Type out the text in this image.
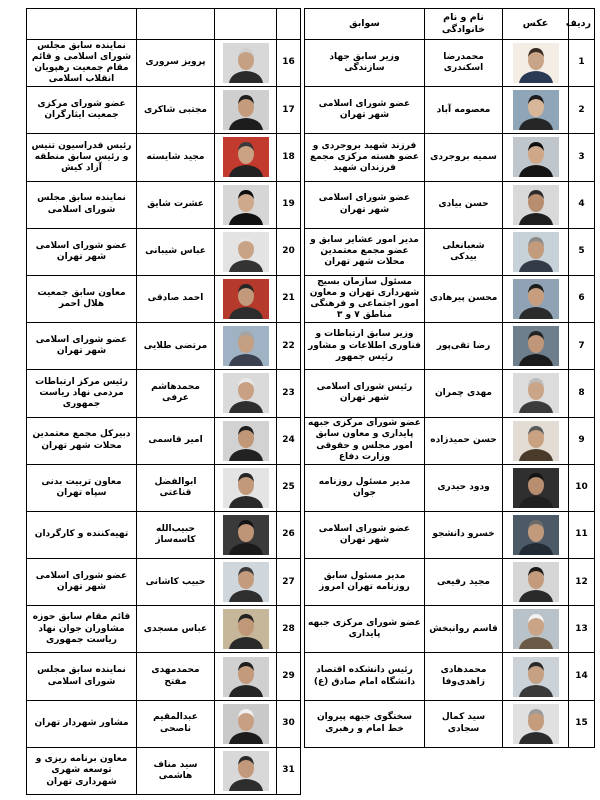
ردیف	عکس	نام و نام خانوادگی	سوابق
1		محمدرضا اسکندری	وزیر سابق جهاد سازندگی
2		معصومه آباد	عضو شورای اسلامی شهر تهران
3		سمیه بروجردی	فرزند شهید بروجردی و عضو هسته مرکزی مجمع فرزندان شهید
4		حسن بیادی	عضو شورای اسلامی شهر تهران
5		شعبانعلی بیدکی	مدیر امور عشایر سابق و عضو مجمع معتمدین محلات شهر تهران
6		محسن پیرهادی	مسئول سازمان بسیج شهرداری تهران و معاون امور اجتماعی و فرهنگی مناطق ۷ و ۳
7		رضا تقی‌پور	وزیر سابق ارتباطات و فناوری اطلاعات و مشاور رئیس جمهور
8		مهدی چمران	رئیس شورای اسلامی شهر تهران
9		حسن حمیدزاده	عضو شورای مرکزی جبهه پایداری و معاون سابق امور مجلس و حقوقی وزارت دفاع
10		ودود حیدری	مدیر مسئول روزنامه جوان
11		خسرو دانشجو	عضو شورای اسلامی شهر تهران
12		مجید رفیعی	مدیر مسئول سابق روزنامه تهران امروز
13		قاسم روانبخش	عضو شورای مرکزی جبهه پایداری
14		محمدهادی زاهدی‌وفا	رئیس دانشکده اقتصاد دانشگاه امام صادق (ع)
15		سید کمال سجادی	سخنگوی جبهه پیروان خط امام و رهبری

16		پرویز سروری	نماینده سابق مجلس شورای اسلامی و قائم مقام جمعیت رهپویان انقلاب اسلامی
17		مجتبی شاکری	عضو شورای مرکزی جمعیت ایثارگران
18		مجید شایسته	رئیس فدراسیون تنیس و رئیس سابق منطقه آزاد کیش
19		عشرت شایق	نماینده سابق مجلس شورای اسلامی
20		عباس شیبانی	عضو شورای اسلامی شهر تهران
21		احمد صادقی	معاون سابق جمعیت هلال احمر
22		مرتضی طلایی	عضو شورای اسلامی شهر تهران
23		محمدهاشم عرفی	رئیس مرکز ارتباطات مردمی نهاد ریاست جمهوری
24		امیر قاسمی	دبیرکل مجمع معتمدین محلات شهر تهران
25		ابوالفضل قناعتی	معاون تربیت بدنی سپاه تهران
26		حبیب‌الله کاسه‌ساز	تهیه‌کننده و کارگردان
27		حبیب کاشانی	عضو شورای اسلامی شهر تهران
28		عباس مسجدی	قائم مقام سابق حوزه مشاوران جوان نهاد ریاست جمهوری
29		محمدمهدی مفتح	نماینده سابق مجلس شورای اسلامی
30		عبدالمقیم ناصحی	مشاور شهردار تهران
31		سید مناف هاشمی	معاون برنامه ریزی و توسعه شهری شهرداری تهران
